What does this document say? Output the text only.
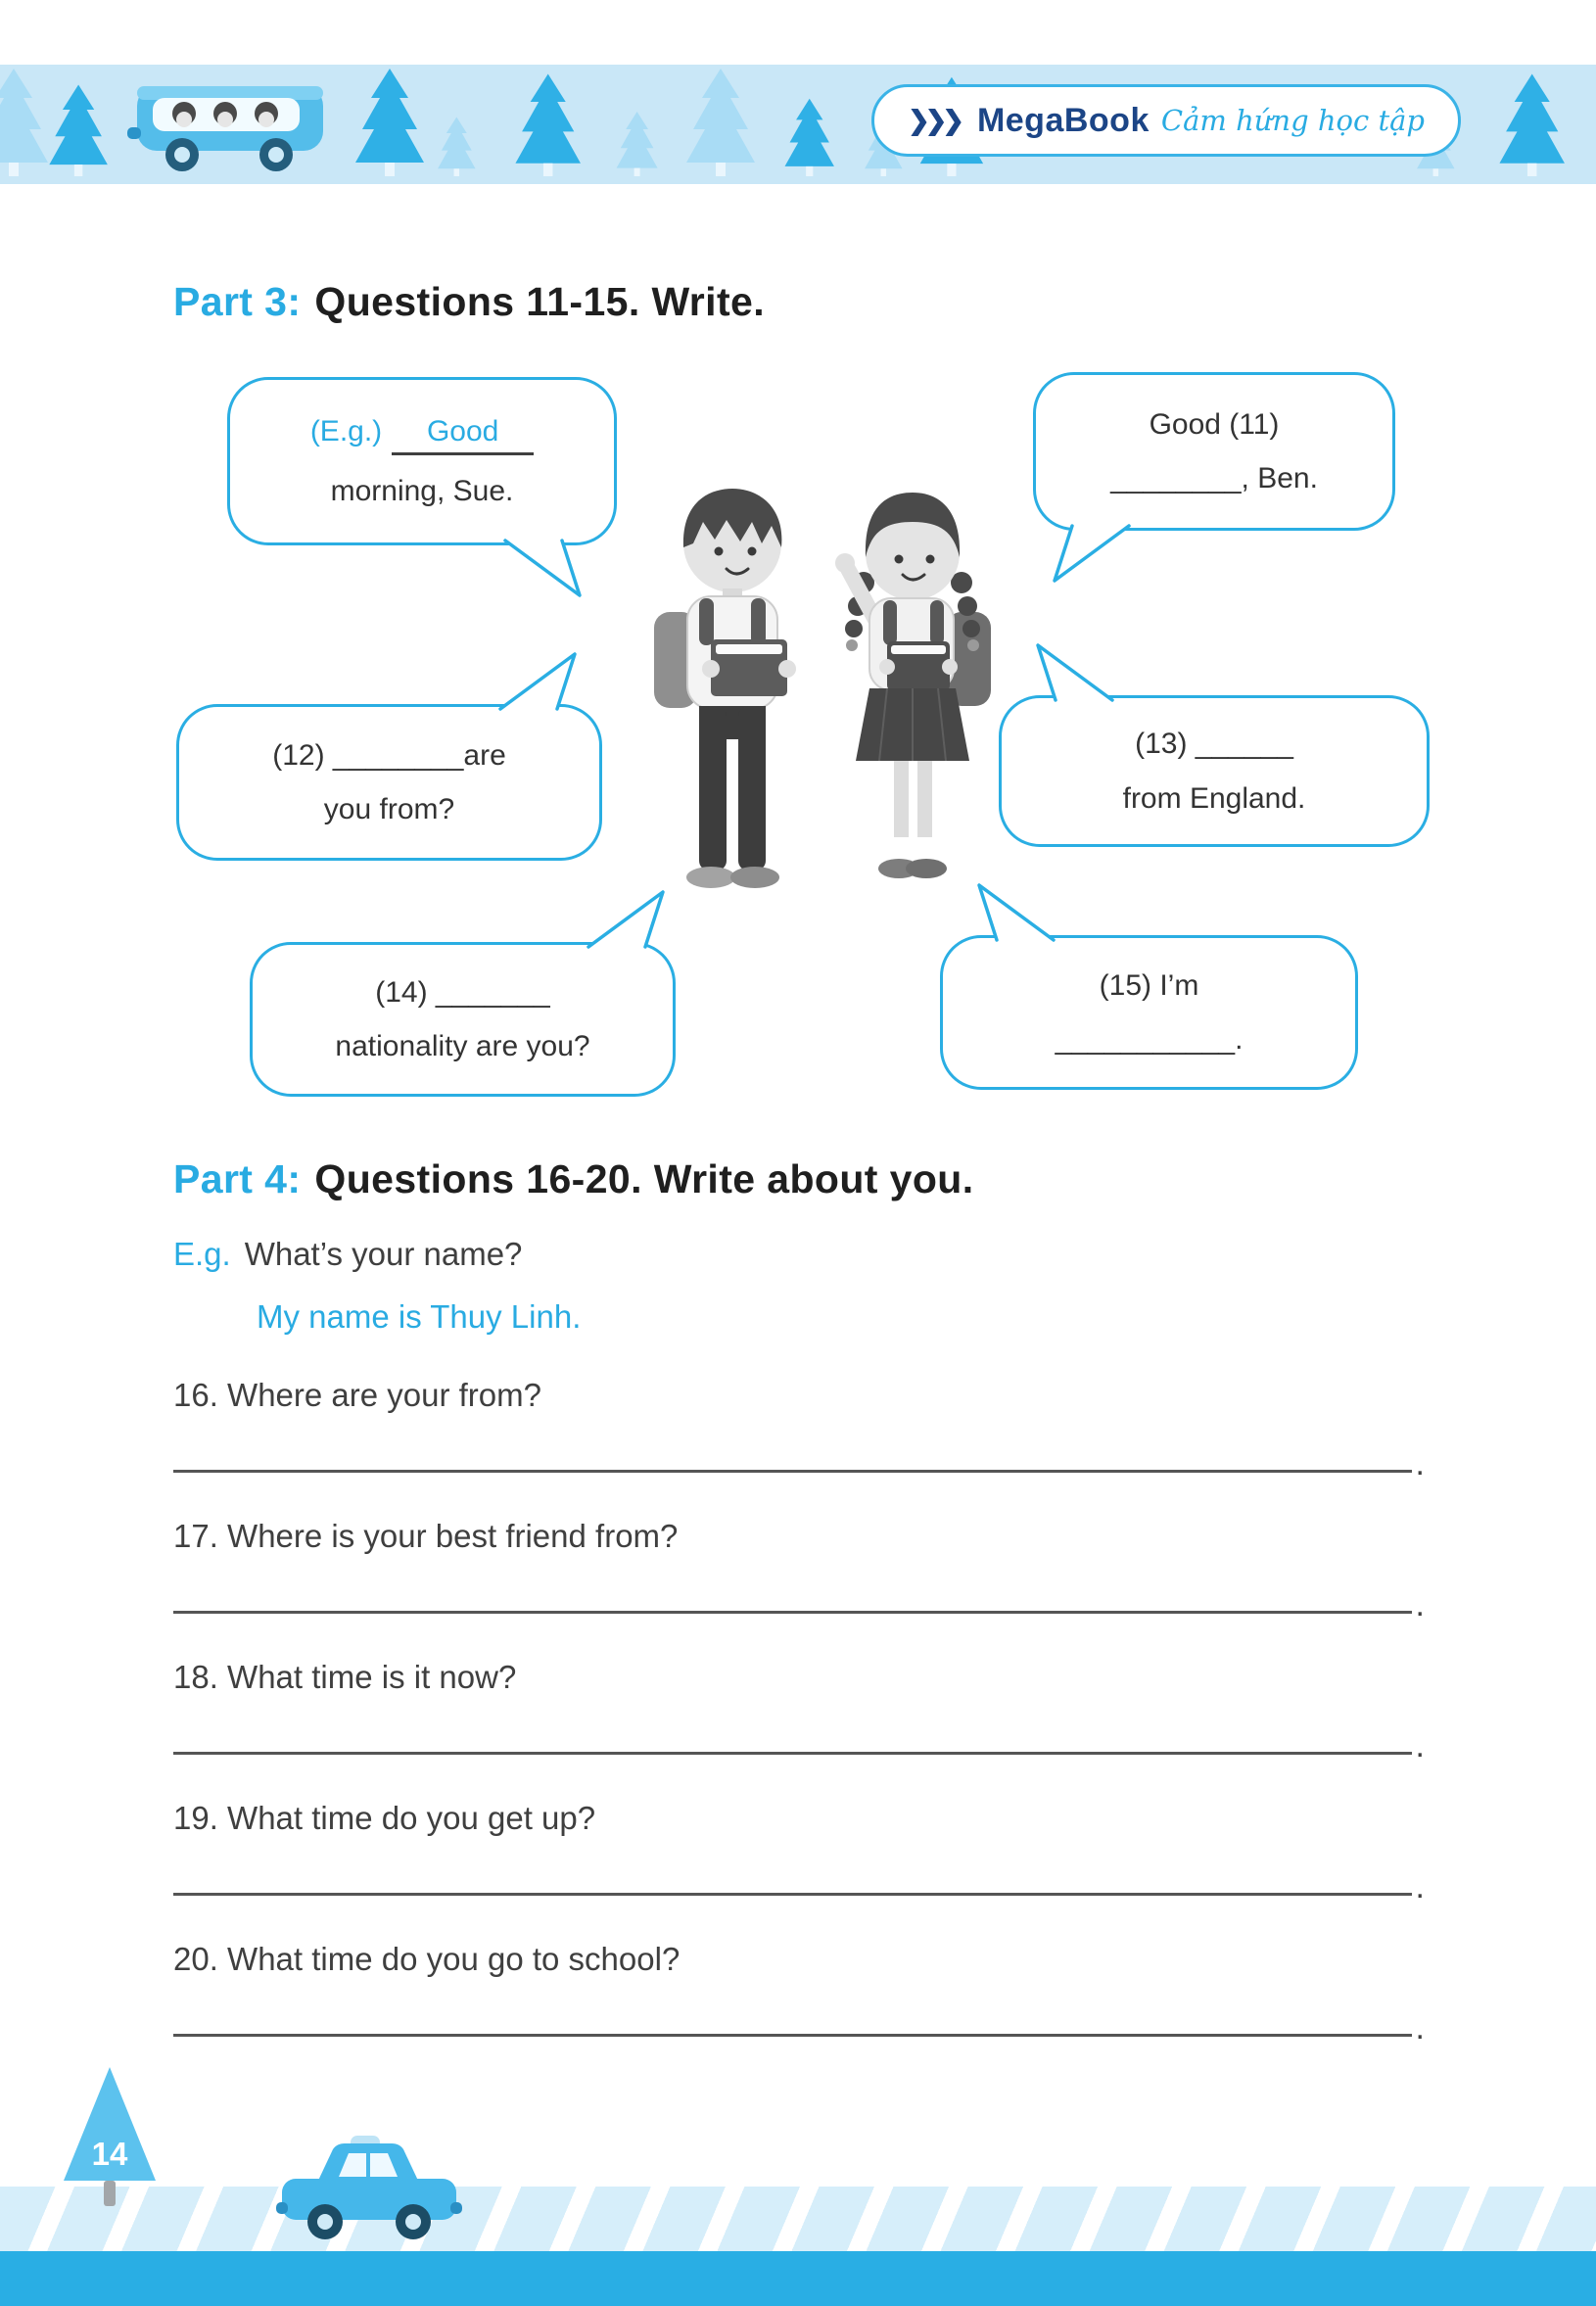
❯❯❯ MegaBook Cảm hứng học tập
Part 3: Questions 11-15. Write.
(E.g.) Good
morning, Sue.
Good (11)
________, Ben.
(12) ________are
you from?
(13) ______
from England.
(14) _______
nationality are you?
(15) I’m
___________.
Part 4: Questions 16-20. Write about you.
E.g. What’s your name?
My name is Thuy Linh.
16. Where are your from?
.
17. Where is your best friend from?
.
18. What time is it now?
.
19. What time do you get up?
.
20. What time do you go to school?
.
14
